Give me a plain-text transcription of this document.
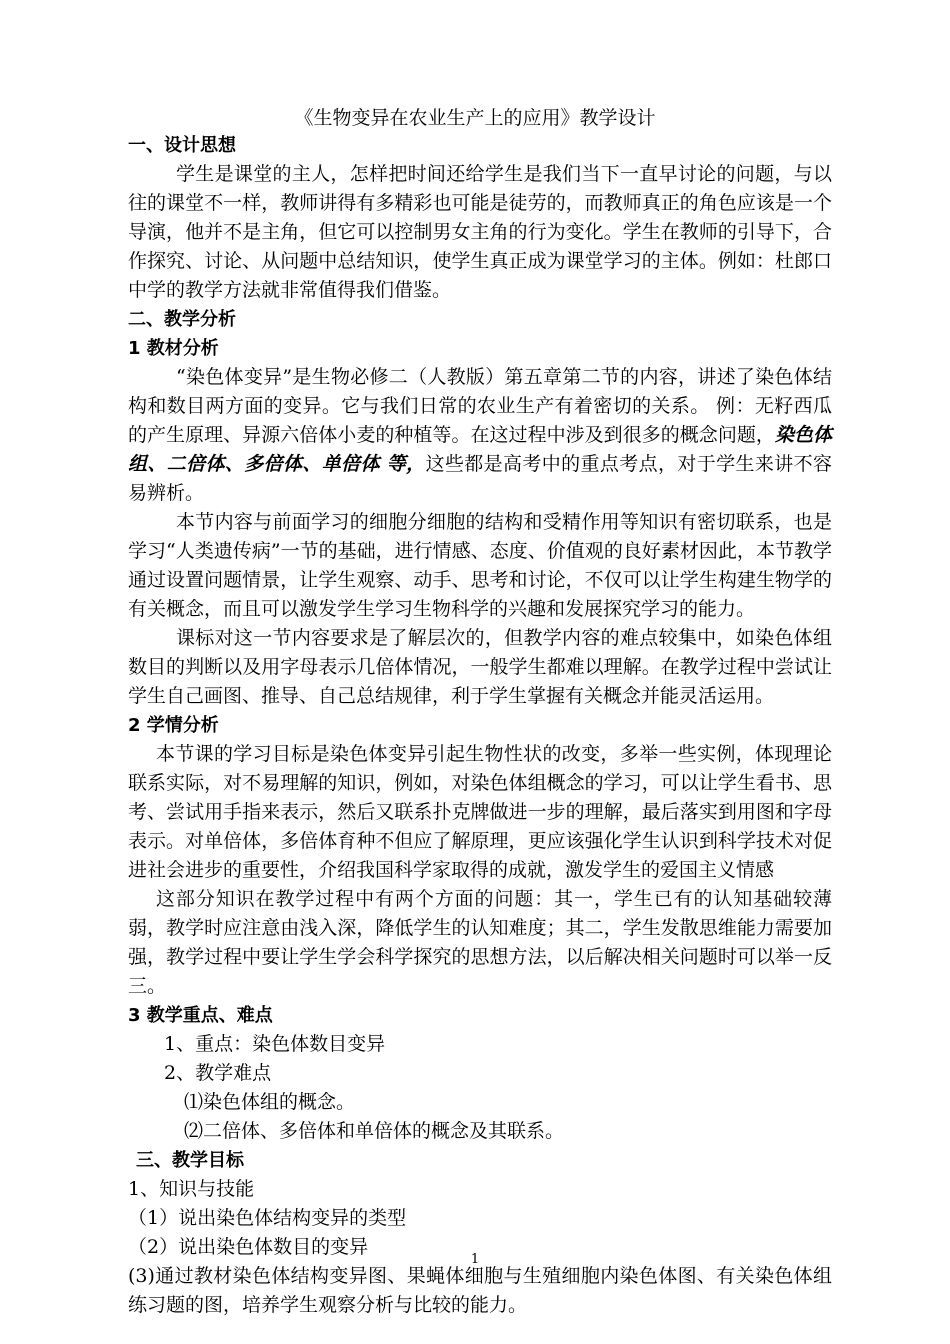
《生物变异在农业生产上的应用》教学设计
一、设计思想

学生是课堂的主人，怎样把时间还给学生是我们当下一直早讨论的问题，与以往的课堂不一样，教师讲得有多精彩也可能是徒劳的，而教师真正的角色应该是一个导演，他并不是主角，但它可以控制男女主角的行为变化。学生在教师的引导下，合作探究、讨论、从问题中总结知识，使学生真正成为课堂学习的主体。例如：杜郎口中学的教学方法就非常值得我们借鉴。

二、教学分析
1 教材分析

“染色体变异”是生物必修二（人教版）第五章第二节的内容，讲述了染色体结构和数目两方面的变异。它与我们日常的农业生产有着密切的关系。 例：无籽西瓜的产生原理、异源六倍体小麦的种植等。在这过程中涉及到很多的概念问题，染色体组、二倍体、多倍体、单倍体 等，这些都是高考中的重点考点，对于学生来讲不容易辨析。

本节内容与前面学习的细胞分细胞的结构和受精作用等知识有密切联系，也是学习“人类遗传病”一节的基础，进行情感、态度、价值观的良好素材因此，本节教学通过设置问题情景，让学生观察、动手、思考和讨论，不仅可以让学生构建生物学的有关概念，而且可以激发学生学习生物科学的兴趣和发展探究学习的能力。

课标对这一节内容要求是了解层次的，但教学内容的难点较集中，如染色体组数目的判断以及用字母表示几倍体情况，一般学生都难以理解。在教学过程中尝试让学生自己画图、推导、自己总结规律，利于学生掌握有关概念并能灵活运用。

2 学情分析

本节课的学习目标是染色体变异引起生物性状的改变，多举一些实例，体现理论联系实际，对不易理解的知识，例如，对染色体组概念的学习，可以让学生看书、思考、尝试用手指来表示，然后又联系扑克牌做进一步的理解，最后落实到用图和字母表示。对单倍体，多倍体育种不但应了解原理，更应该强化学生认识到科学技术对促进社会进步的重要性，介绍我国科学家取得的成就，激发学生的爱国主义情感

这部分知识在教学过程中有两个方面的问题：其一，学生已有的认知基础较薄弱，教学时应注意由浅入深，降低学生的认知难度；其二，学生发散思维能力需要加强，教学过程中要让学生学会科学探究的思想方法，以后解决相关问题时可以举一反三。

3 教学重点、难点

1、重点：染色体数目变异

2、教学难点

⑴染色体组的概念。

⑵二倍体、多倍体和单倍体的概念及其联系。

三、教学目标

1、知识与技能

（1）说出染色体结构变异的类型

（2）说出染色体数目的变异

(3)通过教材染色体结构变异图、果蝇体细胞与生殖细胞内染色体图、有关染色体组练习题的图，培养学生观察分析与比较的能力。

1
